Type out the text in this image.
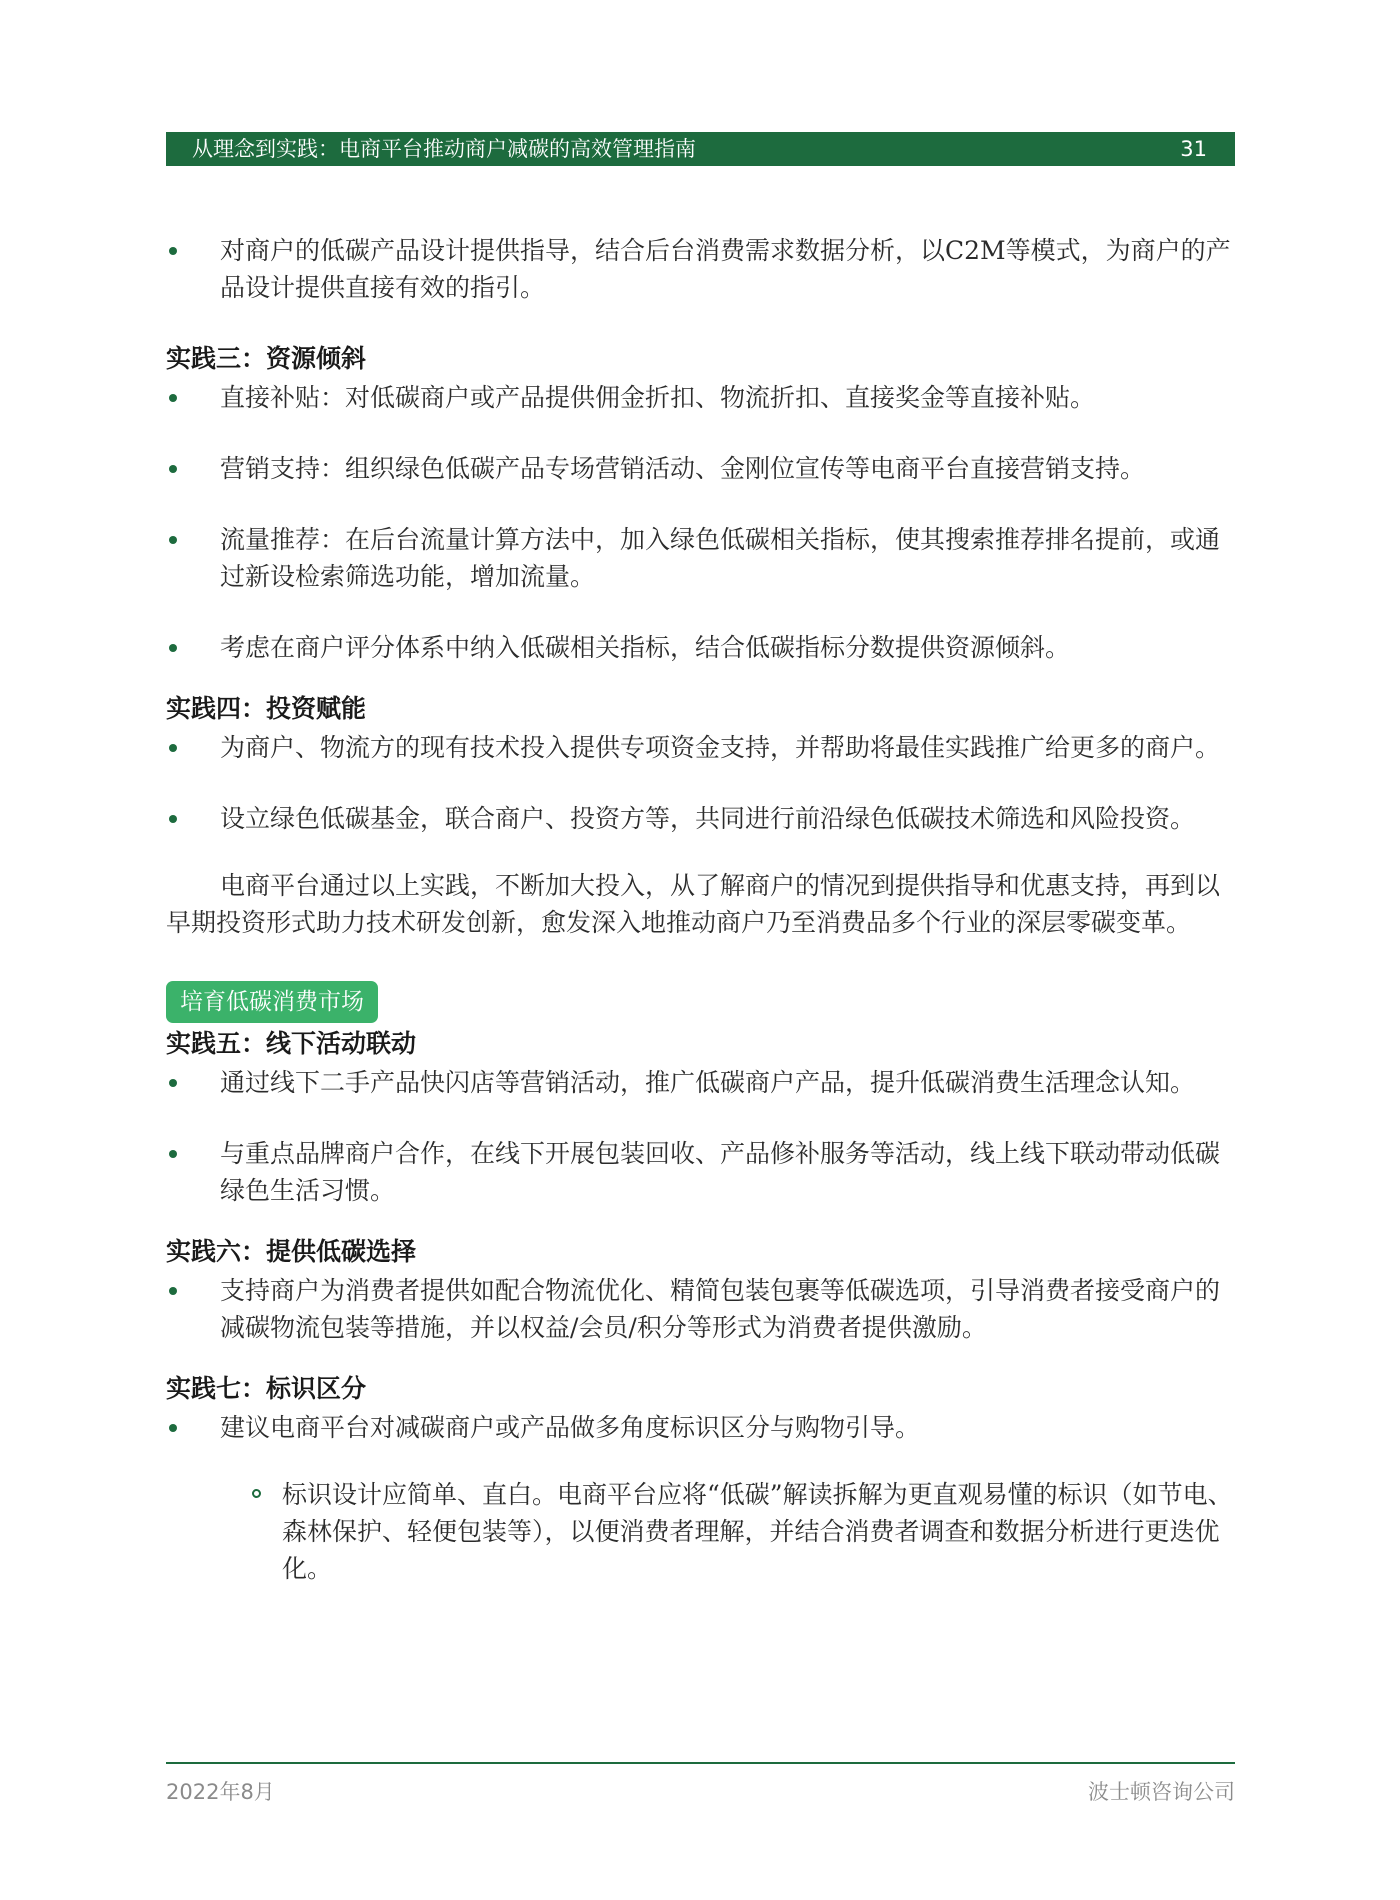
从理念到实践：电商平台推动商户减碳的高效管理指南	31
对商户的低碳产品设计提供指导，结合后台消费需求数据分析，以C2M等模式，为商户的产品设计提供直接有效的指引。
实践三：资源倾斜
直接补贴：对低碳商户或产品提供佣金折扣、物流折扣、直接奖金等直接补贴。
营销支持：组织绿色低碳产品专场营销活动、金刚位宣传等电商平台直接营销支持。
流量推荐：在后台流量计算方法中，加入绿色低碳相关指标，使其搜索推荐排名提前，或通过新设检索筛选功能，增加流量。
考虑在商户评分体系中纳入低碳相关指标，结合低碳指标分数提供资源倾斜。
实践四：投资赋能
为商户、物流方的现有技术投入提供专项资金支持，并帮助将最佳实践推广给更多的商户。
设立绿色低碳基金，联合商户、投资方等，共同进行前沿绿色低碳技术筛选和风险投资。
电商平台通过以上实践，不断加大投入，从了解商户的情况到提供指导和优惠支持，再到以早期投资形式助力技术研发创新，愈发深入地推动商户乃至消费品多个行业的深层零碳变革。
培育低碳消费市场
实践五：线下活动联动
通过线下二手产品快闪店等营销活动，推广低碳商户产品，提升低碳消费生活理念认知。
与重点品牌商户合作，在线下开展包装回收、产品修补服务等活动，线上线下联动带动低碳绿色生活习惯。
实践六：提供低碳选择
支持商户为消费者提供如配合物流优化、精简包装包裹等低碳选项，引导消费者接受商户的减碳物流包装等措施，并以权益/会员/积分等形式为消费者提供激励。
实践七：标识区分
建议电商平台对减碳商户或产品做多角度标识区分与购物引导。
标识设计应简单、直白。电商平台应将“低碳”解读拆解为更直观易懂的标识（如节电、森林保护、轻便包装等），以便消费者理解，并结合消费者调查和数据分析进行更迭优化。
2022年8月	波士顿咨询公司
